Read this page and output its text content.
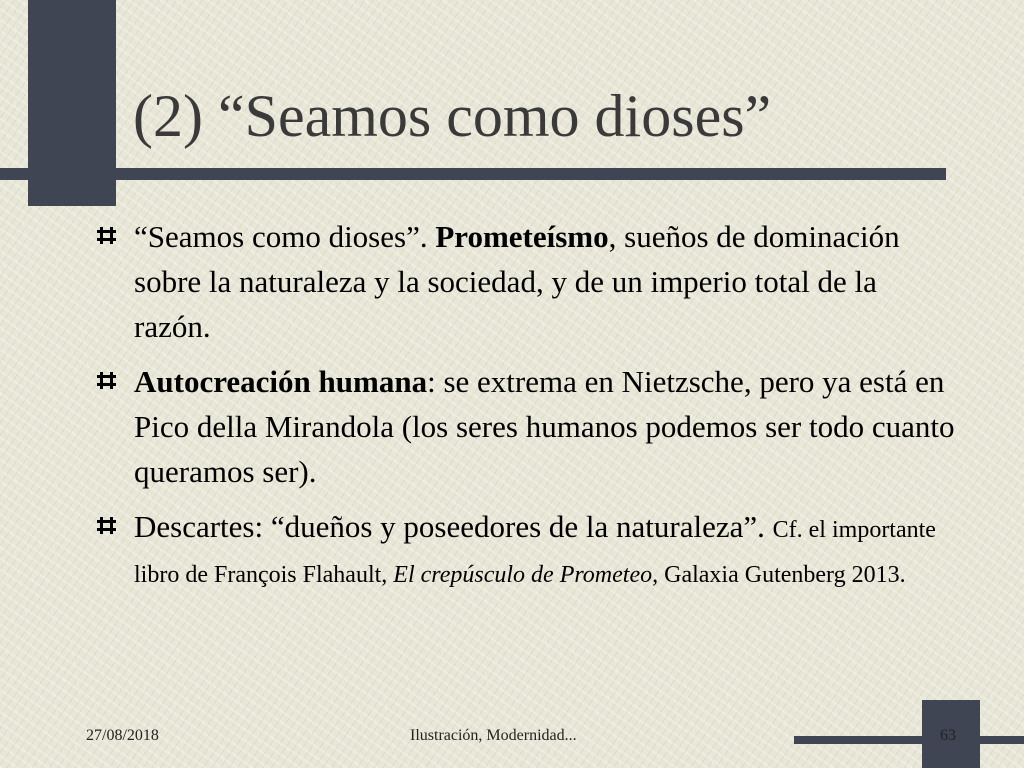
(2) “Seamos como dioses”
“Seamos como dioses”. Prometeísmo, sueños de dominación sobre la naturaleza y la sociedad, y de un imperio total de la razón.
Autocreación humana: se extrema en Nietzsche, pero ya está en Pico della Mirandola (los seres humanos podemos ser todo cuanto queramos ser).
Descartes: “dueños y poseedores de la naturaleza”. Cf. el importante libro de François Flahault, El crepúsculo de Prometeo, Galaxia Gutenberg 2013.
27/08/2018	Ilustración, Modernidad...	63
